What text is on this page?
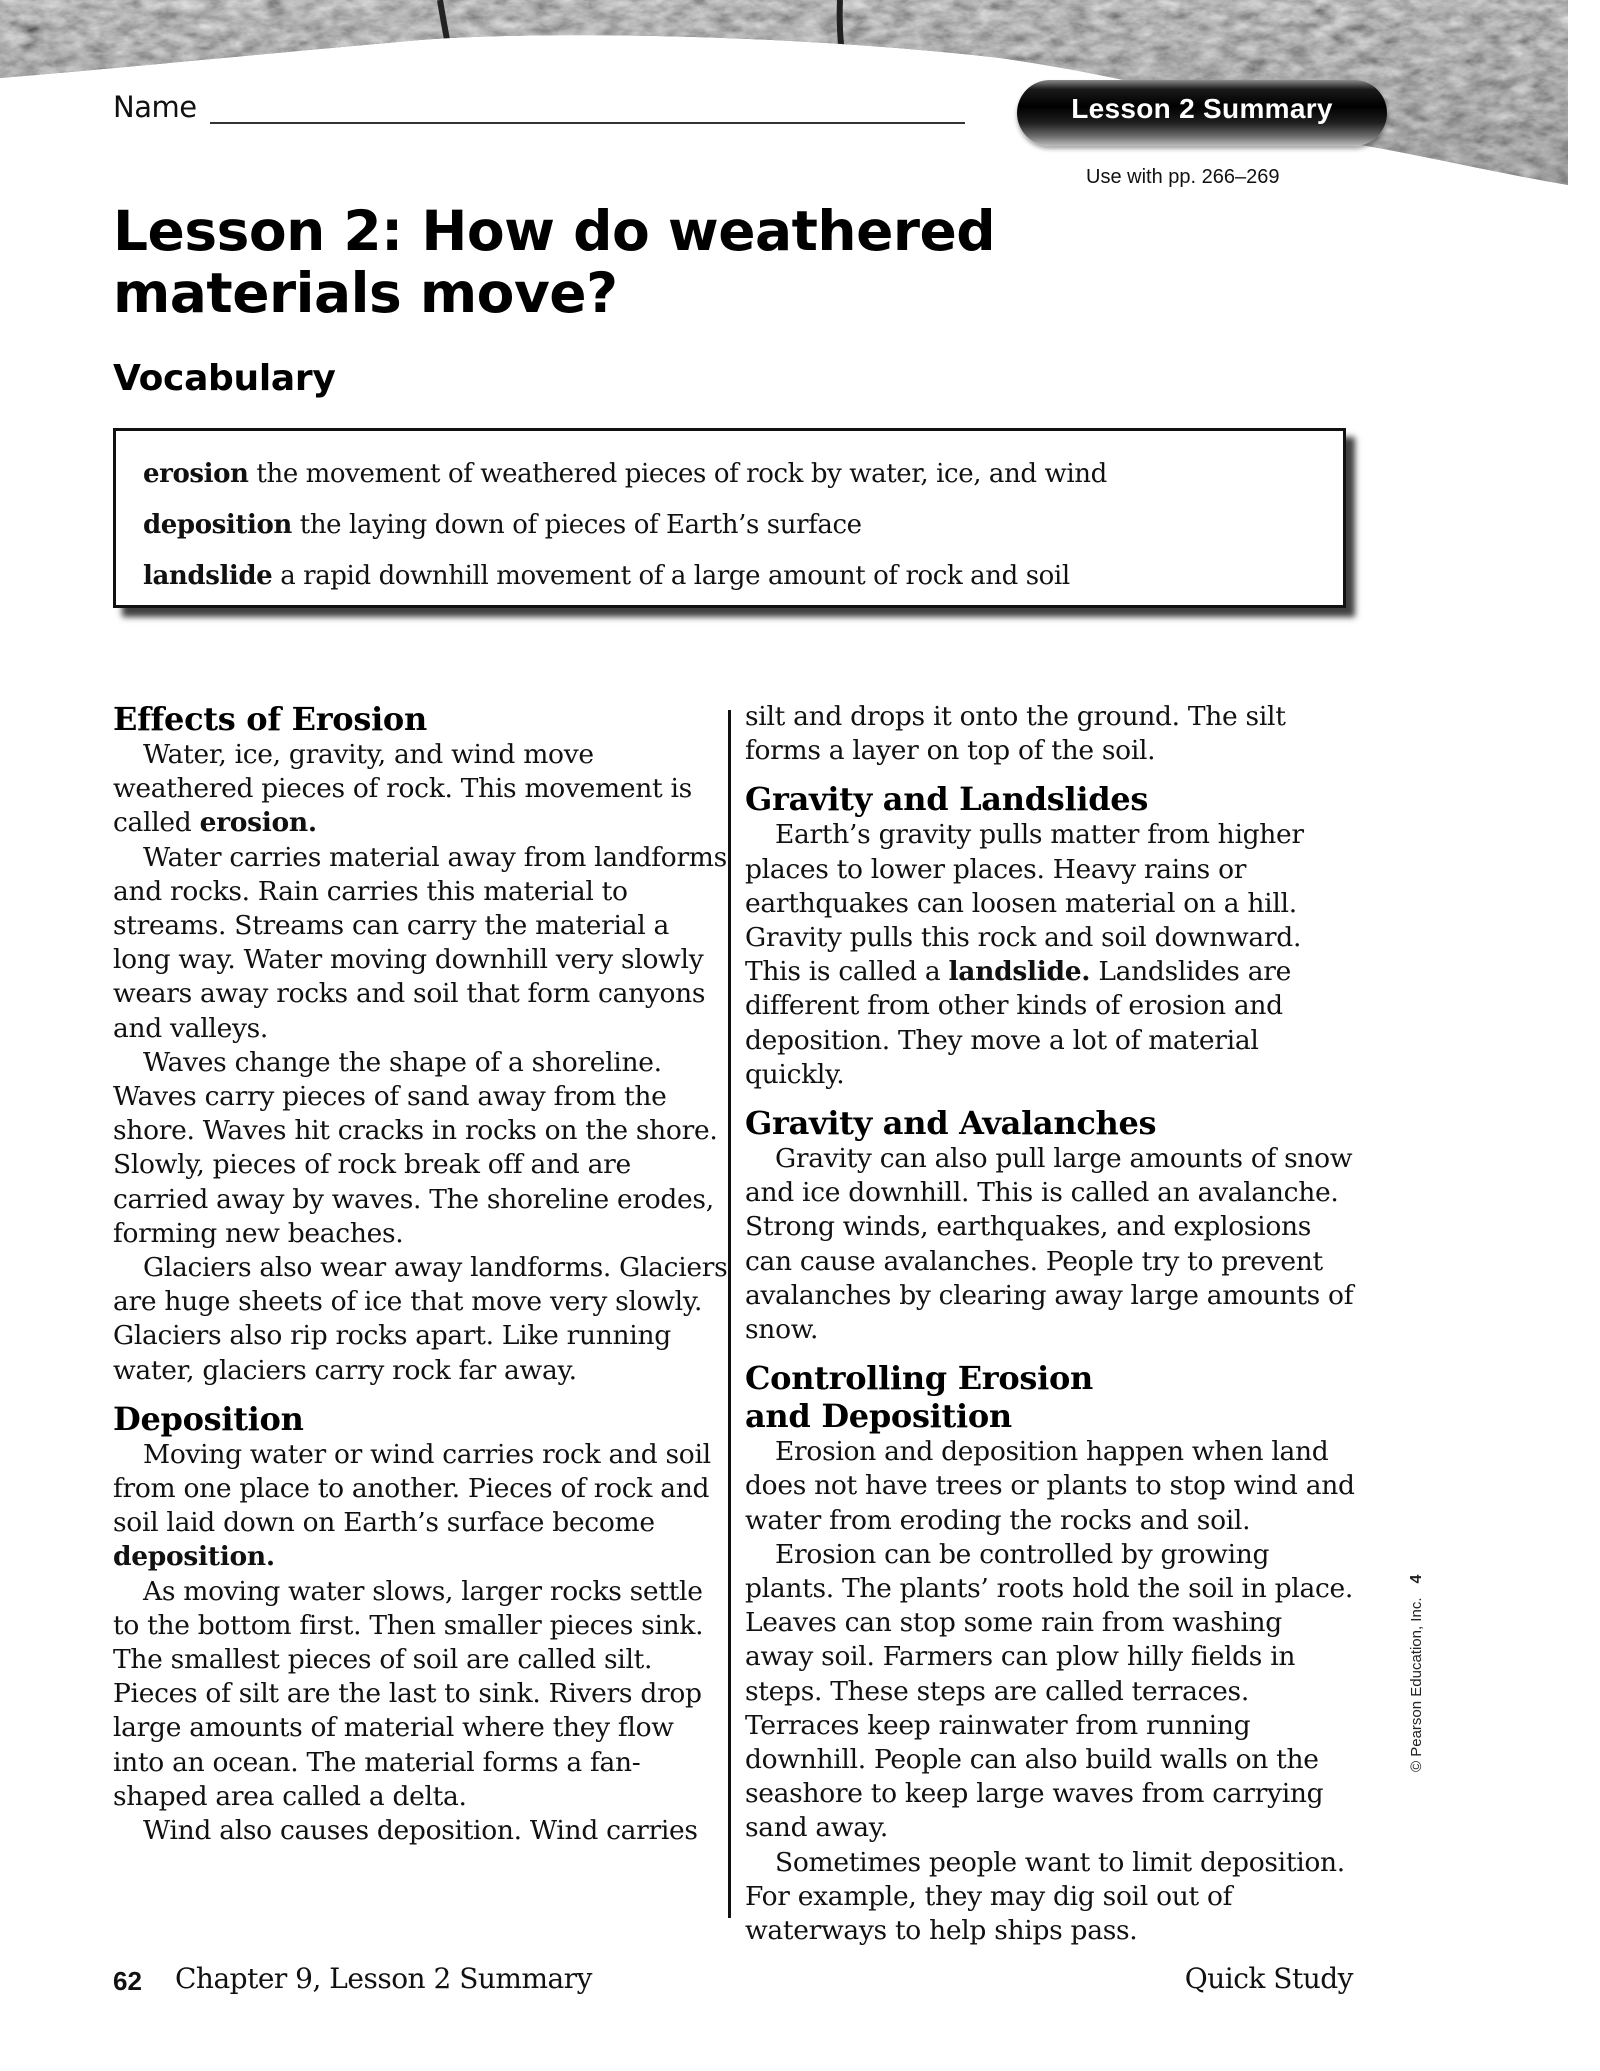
Name	Lesson 2 Summary
Use with pp. 266–269
Lesson 2: How do weathered materials move?
Vocabulary
erosion the movement of weathered pieces of rock by water, ice, and wind
deposition the laying down of pieces of Earth’s surface
landslide a rapid downhill movement of a large amount of rock and soil
Effects of Erosion

Water, ice, gravity, and wind move weathered pieces of rock. This movement is called erosion.

Water carries material away from landforms and rocks. Rain carries this material to streams. Streams can carry the material a long way. Water moving downhill very slowly wears away rocks and soil that form canyons and valleys.

Waves change the shape of a shoreline. Waves carry pieces of sand away from the shore. Waves hit cracks in rocks on the shore. Slowly, pieces of rock break off and are carried away by waves. The shoreline erodes, forming new beaches.

Glaciers also wear away landforms. Glaciers are huge sheets of ice that move very slowly. Glaciers also rip rocks apart. Like running water, glaciers carry rock far away.

Deposition

Moving water or wind carries rock and soil from one place to another. Pieces of rock and soil laid down on Earth’s surface become deposition.

As moving water slows, larger rocks settle to the bottom first. Then smaller pieces sink. The smallest pieces of soil are called silt. Pieces of silt are the last to sink. Rivers drop large amounts of material where they flow into an ocean. The material forms a fan-shaped area called a delta.

Wind also causes deposition. Wind carries

silt and drops it onto the ground. The silt forms a layer on top of the soil.

Gravity and Landslides

Earth’s gravity pulls matter from higher places to lower places. Heavy rains or earthquakes can loosen material on a hill. Gravity pulls this rock and soil downward. This is called a landslide. Landslides are different from other kinds of erosion and deposition. They move a lot of material quickly.

Gravity and Avalanches

Gravity can also pull large amounts of snow and ice downhill. This is called an avalanche. Strong winds, earthquakes, and explosions can cause avalanches. People try to prevent avalanches by clearing away large amounts of snow.

Controlling Erosion
and Deposition

Erosion and deposition happen when land does not have trees or plants to stop wind and water from eroding the rocks and soil.

Erosion can be controlled by growing plants. The plants’ roots hold the soil in place. Leaves can stop some rain from washing away soil. Farmers can plow hilly fields in steps. These steps are called terraces. Terraces keep rainwater from running downhill. People can also build walls on the seashore to keep large waves from carrying sand away.

Sometimes people want to limit deposition. For example, they may dig soil out of waterways to help ships pass.

© Pearson Education, Inc.4
62 Chapter 9, Lesson 2 Summary	Quick Study
